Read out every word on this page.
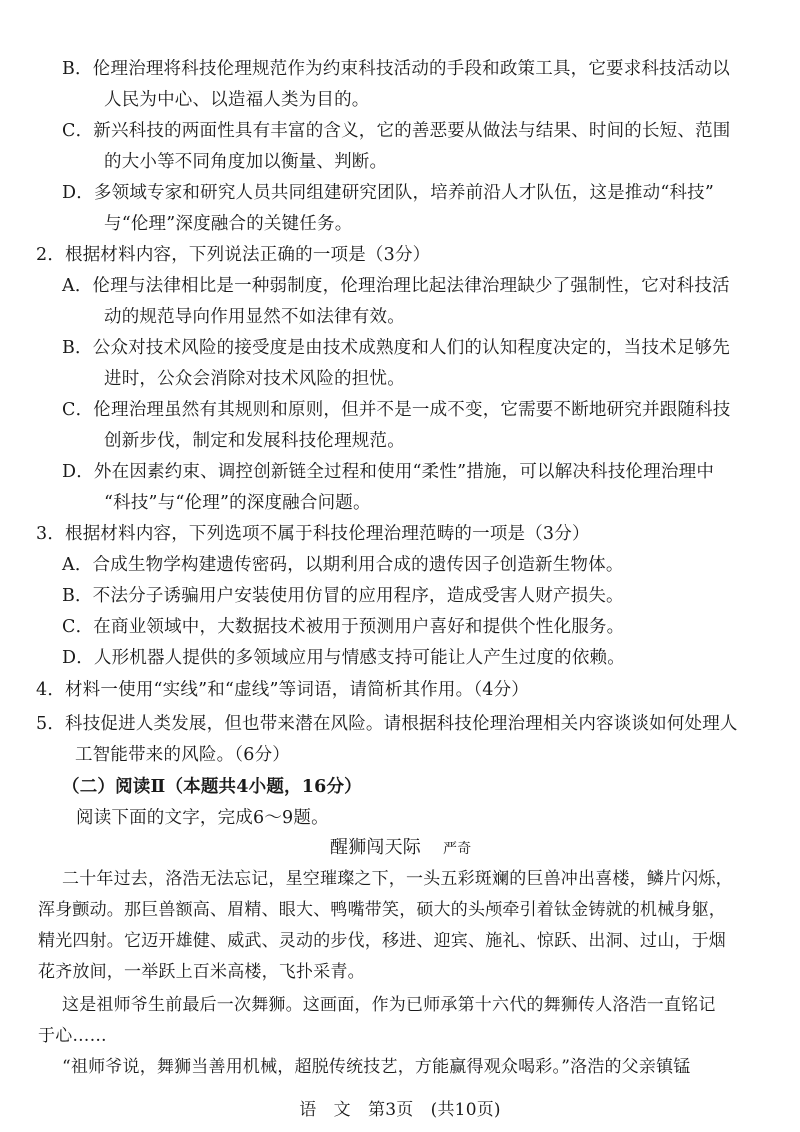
B．伦理治理将科技伦理规范作为约束科技活动的手段和政策工具，它要求科技活动以
人民为中心、以造福人类为目的。
C．新兴科技的两面性具有丰富的含义，它的善恶要从做法与结果、时间的长短、范围
的大小等不同角度加以衡量、判断。
D．多领域专家和研究人员共同组建研究团队，培养前沿人才队伍，这是推动“科技”
与“伦理”深度融合的关键任务。
2．根据材料内容，下列说法正确的一项是（3分）
A．伦理与法律相比是一种弱制度，伦理治理比起法律治理缺少了强制性，它对科技活
动的规范导向作用显然不如法律有效。
B．公众对技术风险的接受度是由技术成熟度和人们的认知程度决定的，当技术足够先
进时，公众会消除对技术风险的担忧。
C．伦理治理虽然有其规则和原则，但并不是一成不变，它需要不断地研究并跟随科技
创新步伐，制定和发展科技伦理规范。
D．外在因素约束、调控创新链全过程和使用“柔性”措施，可以解决科技伦理治理中
“科技”与“伦理”的深度融合问题。
3．根据材料内容，下列选项不属于科技伦理治理范畴的一项是（3分）
A．合成生物学构建遗传密码，以期利用合成的遗传因子创造新生物体。
B．不法分子诱骗用户安装使用仿冒的应用程序，造成受害人财产损失。
C．在商业领域中，大数据技术被用于预测用户喜好和提供个性化服务。
D．人形机器人提供的多领域应用与情感支持可能让人产生过度的依赖。
4．材料一使用“实线”和“虚线”等词语，请简析其作用。（4分）
5．科技促进人类发展，但也带来潜在风险。请根据科技伦理治理相关内容谈谈如何处理人
工智能带来的风险。（6分）
（二）阅读Ⅱ（本题共4小题，16分）
阅读下面的文字，完成6～9题。
醒狮闯天际 严奇
二十年过去，洛浩无法忘记，星空璀璨之下，一头五彩斑斓的巨兽冲出喜楼，鳞片闪烁，
浑身颤动。那巨兽额高、眉精、眼大、鸭嘴带笑，硕大的头颅牵引着钛金铸就的机械身躯，
精光四射。它迈开雄健、威武、灵动的步伐，移进、迎宾、施礼、惊跃、出洞、过山，于烟
花齐放间，一举跃上百米高楼，飞扑采青。
这是祖师爷生前最后一次舞狮。这画面，作为已师承第十六代的舞狮传人洛浩一直铭记
于心……
“祖师爷说，舞狮当善用机械，超脱传统技艺，方能赢得观众喝彩。”洛浩的父亲镇锰
语　文　第3页　(共10页)
